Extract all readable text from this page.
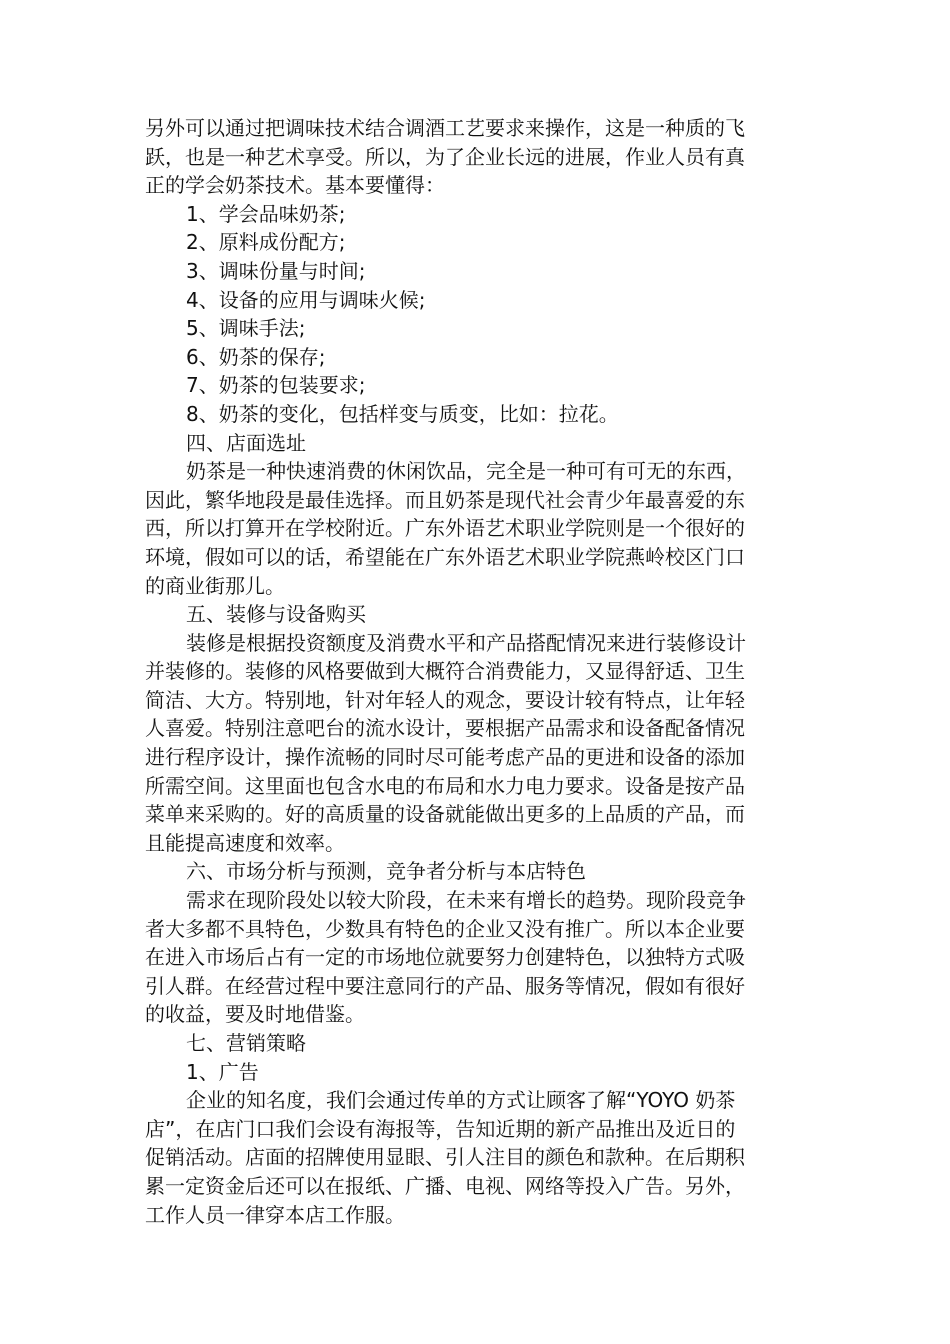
另外可以通过把调味技术结合调酒工艺要求来操作，这是一种质的飞
跃，也是一种艺术享受。所以，为了企业长远的进展，作业人员有真
正的学会奶茶技术。基本要懂得：
1、学会品味奶茶;
2、原料成份配方;
3、调味份量与时间;
4、设备的应用与调味火候;
5、调味手法;
6、奶茶的保存;
7、奶茶的包装要求;
8、奶茶的变化，包括样变与质变，比如：拉花。
四、店面选址
奶茶是一种快速消费的休闲饮品，完全是一种可有可无的东西，
因此，繁华地段是最佳选择。而且奶茶是现代社会青少年最喜爱的东
西，所以打算开在学校附近。广东外语艺术职业学院则是一个很好的
环境，假如可以的话，希望能在广东外语艺术职业学院燕岭校区门口
的商业街那儿。
五、装修与设备购买
装修是根据投资额度及消费水平和产品搭配情况来进行装修设计
并装修的。装修的风格要做到大概符合消费能力，又显得舒适、卫生
简洁、大方。特别地，针对年轻人的观念，要设计较有特点，让年轻
人喜爱。特别注意吧台的流水设计，要根据产品需求和设备配备情况
进行程序设计，操作流畅的同时尽可能考虑产品的更进和设备的添加
所需空间。这里面也包含水电的布局和水力电力要求。设备是按产品
菜单来采购的。好的高质量的设备就能做出更多的上品质的产品，而
且能提高速度和效率。
六、市场分析与预测，竞争者分析与本店特色
需求在现阶段处以较大阶段，在未来有增长的趋势。现阶段竞争
者大多都不具特色，少数具有特色的企业又没有推广。所以本企业要
在进入市场后占有一定的市场地位就要努力创建特色，以独特方式吸
引人群。在经营过程中要注意同行的产品、服务等情况，假如有很好
的收益，要及时地借鉴。
七、营销策略
1、广告
企业的知名度，我们会通过传单的方式让顾客了解“YOYO 奶茶
店”，在店门口我们会设有海报等，告知近期的新产品推出及近日的
促销活动。店面的招牌使用显眼、引人注目的颜色和款种。在后期积
累一定资金后还可以在报纸、广播、电视、网络等投入广告。另外，
工作人员一律穿本店工作服。
